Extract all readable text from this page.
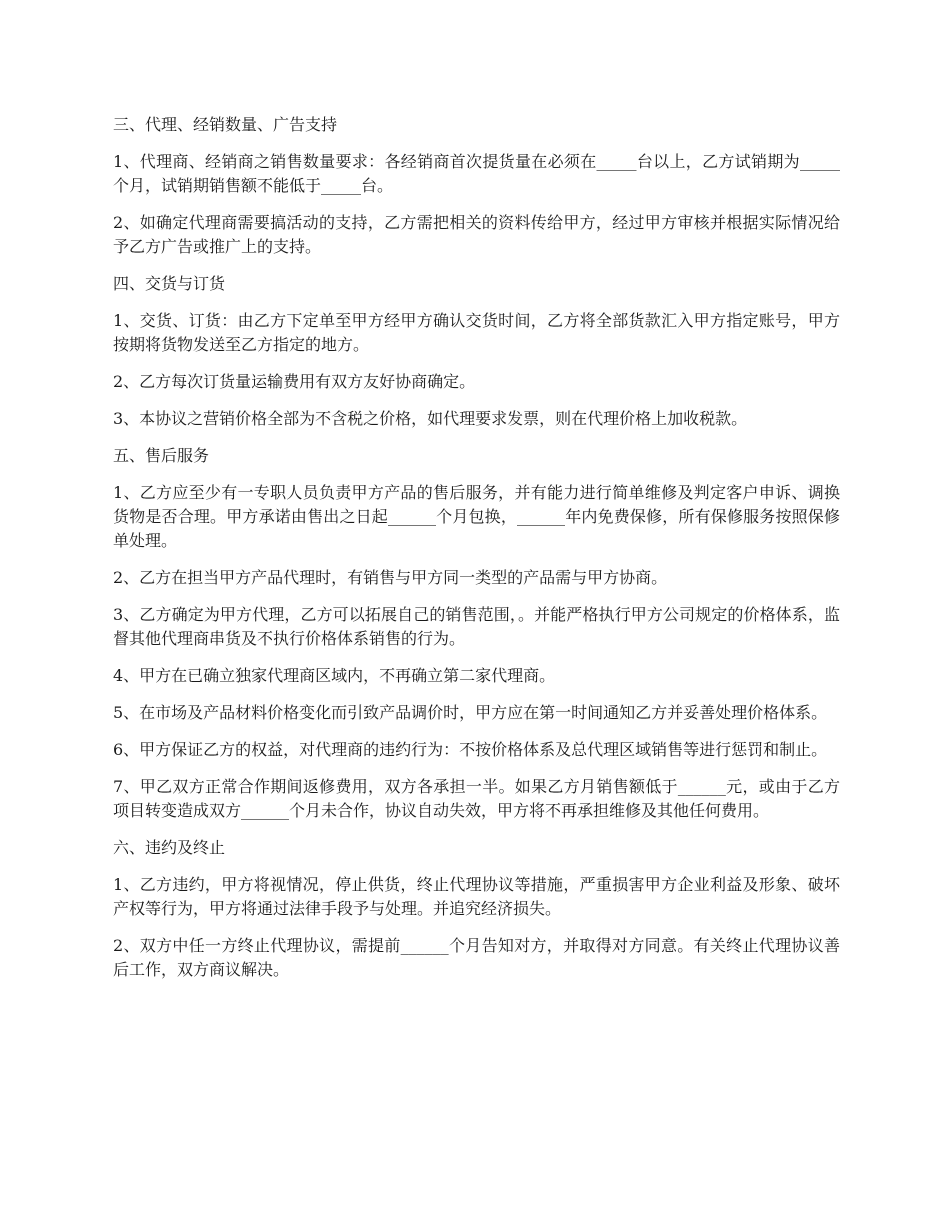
三、代理、经销数量、广告支持

1、代理商、经销商之销售数量要求：各经销商首次提货量在必须在_____台以上，乙方试销期为_____个月，试销期销售额不能低于_____台。

2、如确定代理商需要搞活动的支持，乙方需把相关的资料传给甲方，经过甲方审核并根据实际情况给予乙方广告或推广上的支持。

四、交货与订货

1、交货、订货：由乙方下定单至甲方经甲方确认交货时间，乙方将全部货款汇入甲方指定账号，甲方按期将货物发送至乙方指定的地方。

2、乙方每次订货量运输费用有双方友好协商确定。

3、本协议之营销价格全部为不含税之价格，如代理要求发票，则在代理价格上加收税款。

五、售后服务

1、乙方应至少有一专职人员负责甲方产品的售后服务，并有能力进行简单维修及判定客户申诉、调换货物是否合理。甲方承诺由售出之日起______个月包换，______年内免费保修，所有保修服务按照保修单处理。

2、乙方在担当甲方产品代理时，有销售与甲方同一类型的产品需与甲方协商。

3、乙方确定为甲方代理，乙方可以拓展自己的销售范围，。并能严格执行甲方公司规定的价格体系，监督其他代理商串货及不执行价格体系销售的行为。

4、甲方在已确立独家代理商区域内，不再确立第二家代理商。

5、在市场及产品材料价格变化而引致产品调价时，甲方应在第一时间通知乙方并妥善处理价格体系。

6、甲方保证乙方的权益，对代理商的违约行为：不按价格体系及总代理区域销售等进行惩罚和制止。

7、甲乙双方正常合作期间返修费用，双方各承担一半。如果乙方月销售额低于______元，或由于乙方项目转变造成双方______个月未合作，协议自动失效，甲方将不再承担维修及其他任何费用。

六、违约及终止

1、乙方违约，甲方将视情况，停止供货，终止代理协议等措施，严重损害甲方企业利益及形象、破坏产权等行为，甲方将通过法律手段予与处理。并追究经济损失。

2、双方中任一方终止代理协议，需提前______个月告知对方，并取得对方同意。有关终止代理协议善后工作，双方商议解决。
